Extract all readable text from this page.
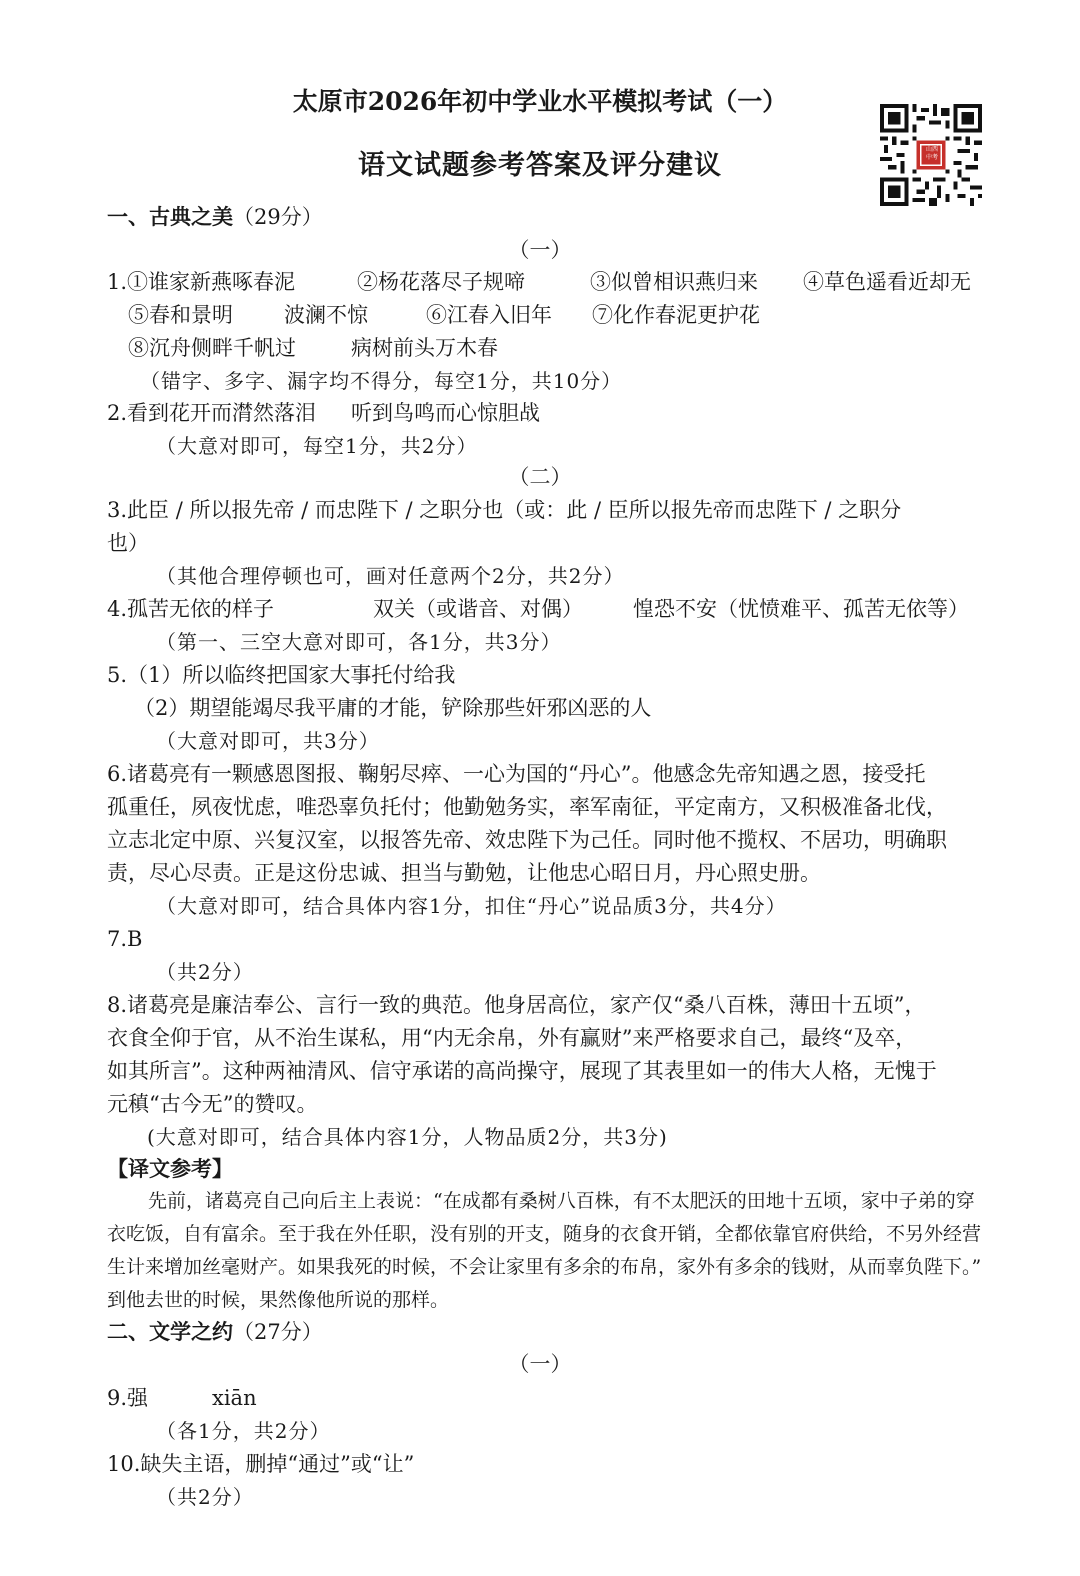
太原市2026年初中学业水平模拟考试（一）
语文试题参考答案及评分建议
山西中考
一、古典之美（29分）
（一）
1.①谁家新燕啄春泥	②杨花落尽子规啼	③似曾相识燕归来 ④草色遥看近却无
⑤春和景明 波澜不惊	⑥江春入旧年 ⑦化作春泥更护花
⑧沉舟侧畔千帆过	病树前头万木春
（错字、多字、漏字均不得分，每空1分，共10分）
2.看到花开而潸然落泪 听到鸟鸣而心惊胆战
（大意对即可，每空1分，共2分）
（二）
3.此臣 / 所以报先帝 / 而忠陛下 / 之职分也（或：此 / 臣所以报先帝而忠陛下 / 之职分
也）
（其他合理停顿也可，画对任意两个2分，共2分）
4.孤苦无依的样子	双关（或谐音、对偶） 惶恐不安（忧愤难平、孤苦无依等）
（第一、三空大意对即可，各1分，共3分）
5.（1）所以临终把国家大事托付给我
（2）期望能竭尽我平庸的才能，铲除那些奸邪凶恶的人
（大意对即可，共3分）
6.诸葛亮有一颗感恩图报、鞠躬尽瘁、一心为国的“丹心”。他感念先帝知遇之恩，接受托
孤重任，夙夜忧虑，唯恐辜负托付；他勤勉务实，率军南征，平定南方，又积极准备北伐，
立志北定中原、兴复汉室，以报答先帝、效忠陛下为己任。同时他不揽权、不居功，明确职
责，尽心尽责。正是这份忠诚、担当与勤勉，让他忠心昭日月，丹心照史册。
（大意对即可，结合具体内容1分，扣住“丹心”说品质3分，共4分）
7.B
（共2分）
8.诸葛亮是廉洁奉公、言行一致的典范。他身居高位，家产仅“桑八百株，薄田十五顷”，
衣食全仰于官，从不治生谋私，用“内无余帛，外有赢财”来严格要求自己，最终“及卒，
如其所言”。这种两袖清风、信守承诺的高尚操守，展现了其表里如一的伟大人格，无愧于
元稹“古今无”的赞叹。
(大意对即可，结合具体内容1分，人物品质2分，共3分)
【译文参考】
先前，诸葛亮自己向后主上表说：“在成都有桑树八百株，有不太肥沃的田地十五顷，家中子弟的穿
衣吃饭，自有富余。至于我在外任职，没有别的开支，随身的衣食开销，全都依靠官府供给，不另外经营
生计来增加丝毫财产。如果我死的时候，不会让家里有多余的布帛，家外有多余的钱财，从而辜负陛下。”
到他去世的时候，果然像他所说的那样。
二、文学之约（27分）
（一）
9.强	xiān
（各1分，共2分）
10.缺失主语，删掉“通过”或“让”
（共2分）
